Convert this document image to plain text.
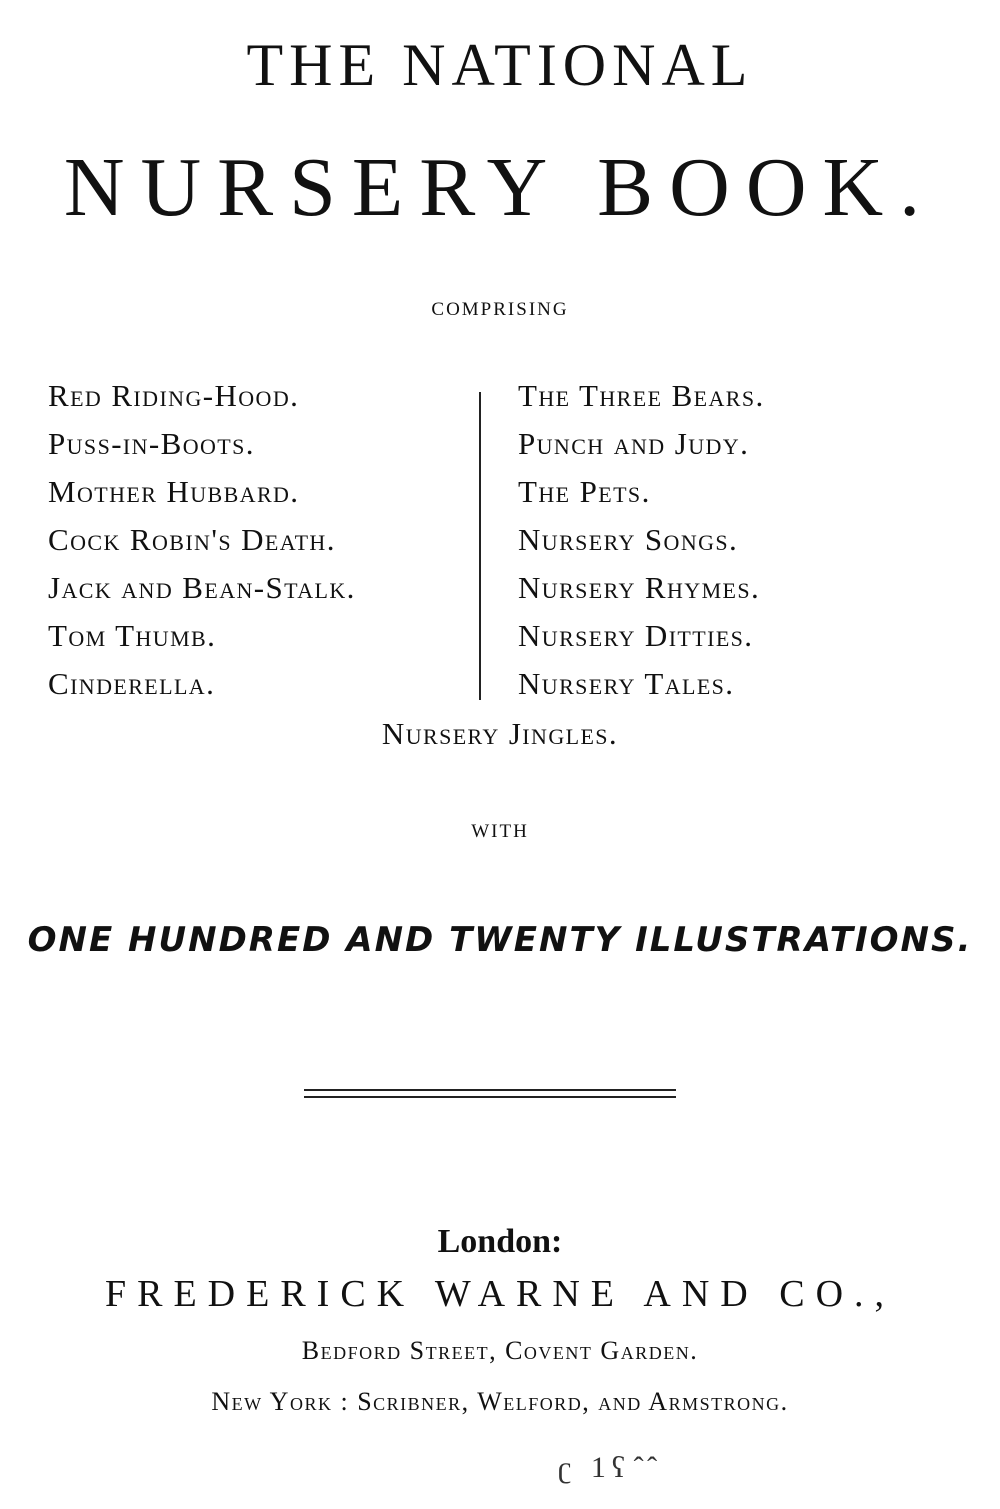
THE NATIONAL
NURSERY BOOK.
COMPRISING
Red Riding-Hood.
Puss-in-Boots.
Mother Hubbard.
Cock Robin's Death.
Jack and Bean-Stalk.
Tom Thumb.
Cinderella.
The Three Bears.
Punch and Judy.
The Pets.
Nursery Songs.
Nursery Rhymes.
Nursery Ditties.
Nursery Tales.
Nursery Jingles.
WITH
ONE HUNDRED AND TWENTY ILLUSTRATIONS.
London:
FREDERICK WARNE AND CO.,
Bedford Street, Covent Garden.
New York : Scribner, Welford, and Armstrong.
ʗ 1ʕ ̂ ̂
